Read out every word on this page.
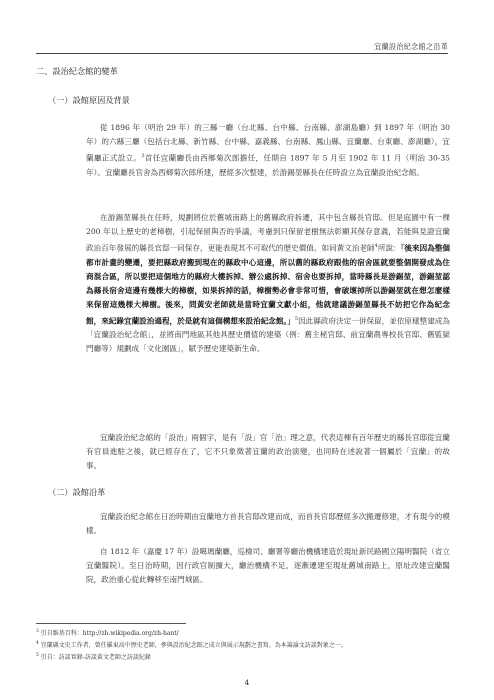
宜蘭設治紀念館之沿革
二、設治紀念館的變革
（一）設館原因及背景
從 1896 年（明治 29 年）的三縣一廳（台北縣、台中縣、台南縣、澎湖島廳）到 1897 年（明治 30 年）的六縣三廳（包括台北縣、新竹縣、台中縣、嘉義縣、台南縣、鳳山縣、宜蘭廳、台東廳、澎湖廳），宜蘭廳正式設立。$^3$首任宜蘭廳長由西鄉菊次郎擔任，任期自 1897 年 5 月至 1902 年 11 月（明治 30-35 年）。宜蘭廳長官舍為西鄉菊次郎所建，歷經多次整建，於游錫堃縣長在任時設立為宜蘭設治紀念館。
在游錫堃縣長在任時，規劃將位於舊城南路上的舊縣政府拆遷，其中包含縣長官邸。但是庭園中有一棵 200 年以上歷史的老樟樹，引起保留與否的爭議，考慮到只保留老樹無法彰顯其保存意義，若能與見證宜蘭政治百年發展的縣長官邸一同保存，更能表現其不可取代的歷史價值。如同黃文治老師$^4$所說：「後來因為整個都市計畫的變遷，要把縣政府搬到現在的縣政中心這邊，所以舊的縣政府跟他的宿舍區就要整個開發成為住商混合區，所以要把這個地方的縣府大樓拆掉、辦公處拆掉、宿舍也要拆掉，當時縣長是游錫堃，游錫堃認為縣長宿舍這邊有幾棵大的樟樹，如果拆掉的話，樟樹勢必會非常可惜，會破壞掉所以游錫堃就在想怎麼樣來保留這幾棵大樟樹。後來，問黃安老師就是當時宜蘭文獻小組，他就建議游錫堃縣長不妨把它作為紀念館，來紀錄宜蘭設治過程，於是就有這個構想來設治紀念館。」$^5$因此縣政府決定一併保留，並依原樣整建成為「宜蘭設治紀念館」，並將南門地區其他具歷史價值的建築（例：舊主秘官邸、前宜蘭農專校長官邸、舊監獄門廳等）規劃成「文化園區」，賦予歷史建築新生命。
宜蘭設治紀念館的「設治」兩個字，是有「設」官「治」理之意，代表這棟有百年歷史的縣長官邸從宜蘭有官員進駐之後，就已經存在了，它不只象徵著宜蘭的政治演變，也同時在述說著一個屬於「宜蘭」的故事。
（二）設館沿革
宜蘭設治紀念館在日治時期由宜蘭地方首長官邸改建而成，而首長官邸歷經多次搬遷修建，才有現今的模樣。
自 1812 年（嘉慶 17 年）設噶瑪蘭廳，巡檢司、廳署等廳治機構建造於現址新民路國立陽明醫院（省立宜蘭醫院）。至日治時期，因行政官制擴大，廳治機構不足，逐漸遷建至現址舊城南路上，原址改建宜蘭醫院，政治重心從此轉移至南門城區。
$^3$ 引自維基百科：http://zh.wikipedia.org/zh-hant/
$^4$ 宜蘭縣文史工作者，曾任羅東高中歷史老師，參與設治紀念館之成立與展示規劃之書寫。為本籌論文訪談對象之一。
$^5$ 引自：訪談實錄-訪談黃文老師之訪談紀錄
4
